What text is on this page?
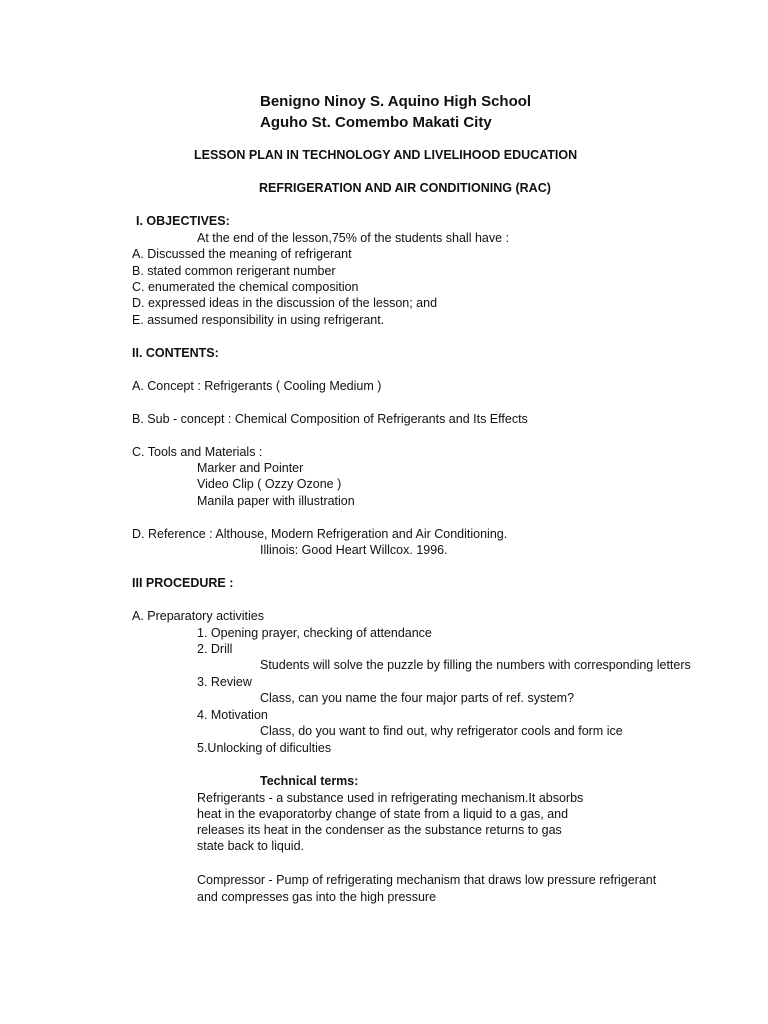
Benigno Ninoy S. Aquino High School
Aguho St. Comembo Makati City
LESSON PLAN IN TECHNOLOGY AND LIVELIHOOD EDUCATION
REFRIGERATION AND AIR CONDITIONING (RAC)
I. OBJECTIVES:
At the end of the lesson,75% of the students shall have :
A. Discussed the meaning of refrigerant
B. stated common rerigerant number
C. enumerated the chemical composition
D. expressed ideas in the discussion of the lesson; and
E. assumed responsibility in using refrigerant.
II. CONTENTS:
A. Concept : Refrigerants ( Cooling Medium )
B. Sub - concept : Chemical Composition of Refrigerants and Its Effects
C. Tools and Materials :
Marker and Pointer
Video Clip ( Ozzy Ozone )
Manila paper with illustration
D. Reference : Althouse, Modern Refrigeration and Air Conditioning.
Illinois: Good Heart Willcox. 1996.
III PROCEDURE :
A. Preparatory activities
1. Opening prayer, checking of attendance
2. Drill
Students will solve the puzzle by filling the numbers with corresponding letters
3. Review
Class, can you name the four major parts of ref. system?
4. Motivation
Class, do you want to find out, why refrigerator cools and form ice
5.Unlocking of dificulties
Technical terms:
Refrigerants - a substance used in refrigerating mechanism.It absorbs
heat in the evaporatorby change of state from a liquid to a gas, and
releases its heat in the condenser as the substance returns to gas
state back to liquid.
Compressor - Pump of refrigerating mechanism that draws low pressure refrigerant
and compresses gas into the high pressure
